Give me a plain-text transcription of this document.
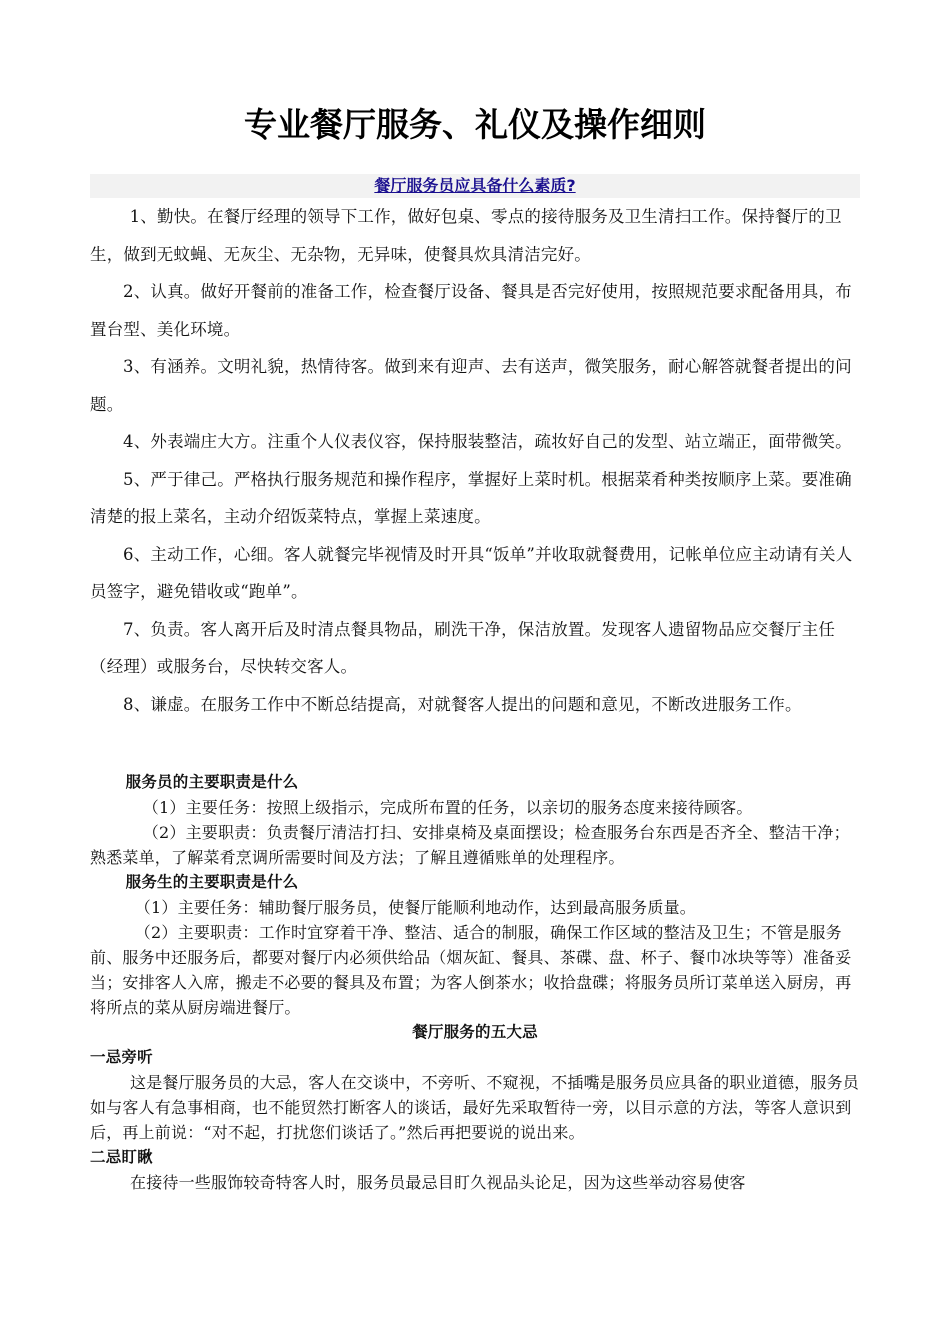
专业餐厅服务、礼仪及操作细则
餐厅服务员应具备什么素质?

1、勤快。在餐厅经理的领导下工作，做好包桌、零点的接待服务及卫生清扫工作。保持餐厅的卫生，做到无蚊蝇、无灰尘、无杂物，无异味，使餐具炊具清洁完好。

2、认真。做好开餐前的准备工作，检查餐厅设备、餐具是否完好使用，按照规范要求配备用具，布置台型、美化环境。

3、有涵养。文明礼貌，热情待客。做到来有迎声、去有送声，微笑服务，耐心解答就餐者提出的问题。

4、外表端庄大方。注重个人仪表仪容，保持服装整洁，疏妆好自己的发型、站立端正，面带微笑。

5、严于律己。严格执行服务规范和操作程序，掌握好上菜时机。根据菜肴种类按顺序上菜。要准确清楚的报上菜名，主动介绍饭菜特点，掌握上菜速度。

6、主动工作，心细。客人就餐完毕视情及时开具“饭单”并收取就餐费用，记帐单位应主动请有关人员签字，避免错收或“跑单”。

7、负责。客人离开后及时清点餐具物品，刷洗干净，保洁放置。发现客人遗留物品应交餐厅主任（经理）或服务台，尽快转交客人。

8、谦虚。在服务工作中不断总结提高，对就餐客人提出的问题和意见，不断改进服务工作。

服务员的主要职责是什么

（1）主要任务：按照上级指示，完成所布置的任务，以亲切的服务态度来接待顾客。

（2）主要职责：负责餐厅清洁打扫、安排桌椅及桌面摆设；检查服务台东西是否齐全、整洁干净；熟悉菜单，了解菜肴烹调所需要时间及方法；了解且遵循账单的处理程序。

服务生的主要职责是什么

（1）主要任务：辅助餐厅服务员，使餐厅能顺利地动作，达到最高服务质量。

（2）主要职责：工作时宜穿着干净、整洁、适合的制服，确保工作区域的整洁及卫生；不管是服务前、服务中还服务后，都要对餐厅内必须供给品（烟灰缸、餐具、茶碟、盘、杯子、餐巾冰块等等）准备妥当；安排客人入席，搬走不必要的餐具及布置；为客人倒茶水；收拾盘碟；将服务员所订菜单送入厨房，再将所点的菜从厨房端进餐厅。

餐厅服务的五大忌

一忌旁听

这是餐厅服务员的大忌，客人在交谈中，不旁听、不窥视，不插嘴是服务员应具备的职业道德，服务员如与客人有急事相商，也不能贸然打断客人的谈话，最好先采取暂待一旁，以目示意的方法，等客人意识到后，再上前说：“对不起，打扰您们谈话了。”然后再把要说的说出来。

二忌盯瞅

在接待一些服饰较奇特客人时，服务员最忌目盯久视品头论足，因为这些举动容易使客
